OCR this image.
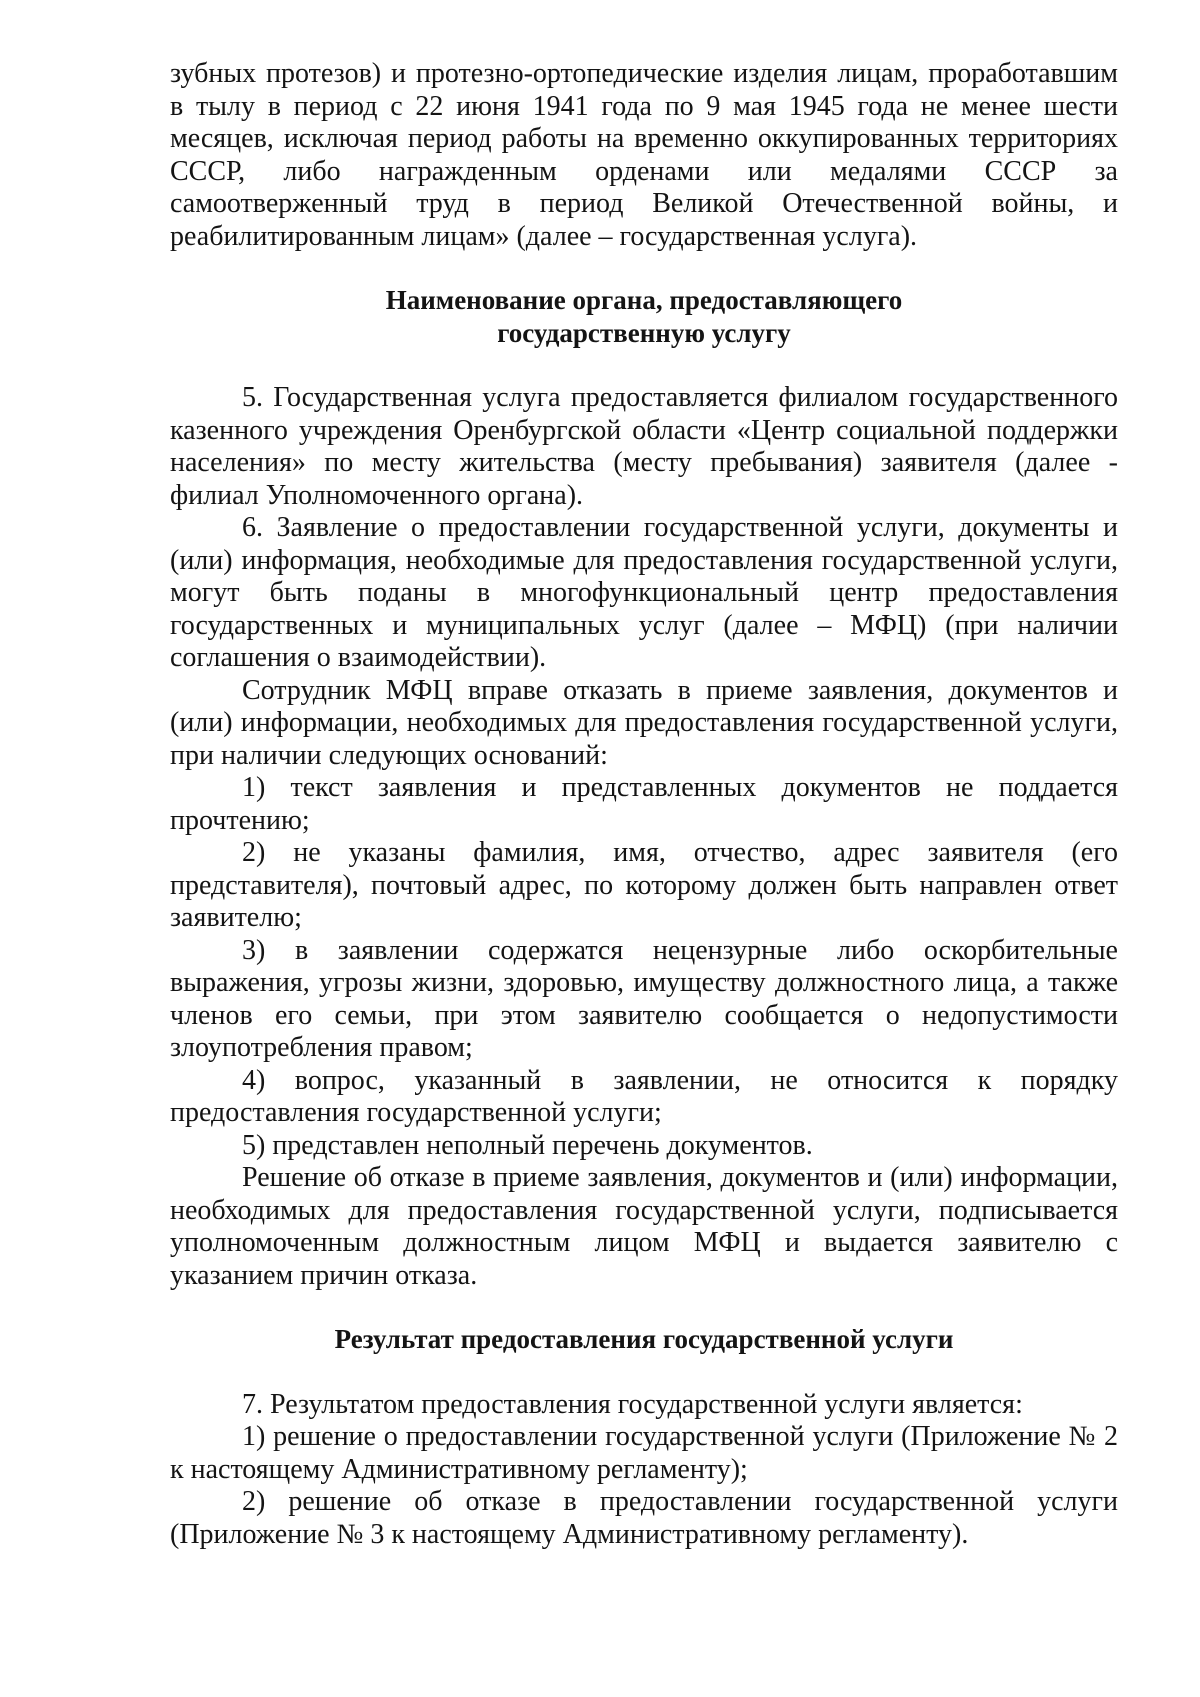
зубных протезов) и протезно-ортопедические изделия лицам, проработавшим в тылу в период с 22 июня 1941 года по 9 мая 1945 года не менее шести месяцев, исключая период работы на временно оккупированных территориях СССР, либо награжденным орденами или медалями СССР за самоотверженный труд в период Великой Отечественной войны, и реабилитированным лицам» (далее – государственная услуга).

Наименование органа, предоставляющего
государственную услугу

5. Государственная услуга предоставляется филиалом государственного казенного учреждения Оренбургской области «Центр социальной поддержки населения» по месту жительства (месту пребывания) заявителя (далее - филиал Уполномоченного органа).

6. Заявление о предоставлении государственной услуги, документы и (или) информация, необходимые для предоставления государственной услуги, могут быть поданы в многофункциональный центр предоставления государственных и муниципальных услуг (далее – МФЦ) (при наличии соглашения о взаимодействии).

Сотрудник МФЦ вправе отказать в приеме заявления, документов и (или) информации, необходимых для предоставления государственной услуги, при наличии следующих оснований:

1) текст заявления и представленных документов не поддается прочтению;

2) не указаны фамилия, имя, отчество, адрес заявителя (его представителя), почтовый адрес, по которому должен быть направлен ответ заявителю;

3) в заявлении содержатся нецензурные либо оскорбительные выражения, угрозы жизни, здоровью, имуществу должностного лица, а также членов его семьи, при этом заявителю сообщается о недопустимости злоупотребления правом;

4) вопрос, указанный в заявлении, не относится к порядку предоставления государственной услуги;

5) представлен неполный перечень документов.

Решение об отказе в приеме заявления, документов и (или) информации, необходимых для предоставления государственной услуги, подписывается уполномоченным должностным лицом МФЦ и выдается заявителю с указанием причин отказа.

Результат предоставления государственной услуги

7. Результатом предоставления государственной услуги является:

1) решение о предоставлении государственной услуги (Приложение № 2 к настоящему Административному регламенту);

2) решение об отказе в предоставлении государственной услуги (Приложение № 3 к настоящему Административному регламенту).
